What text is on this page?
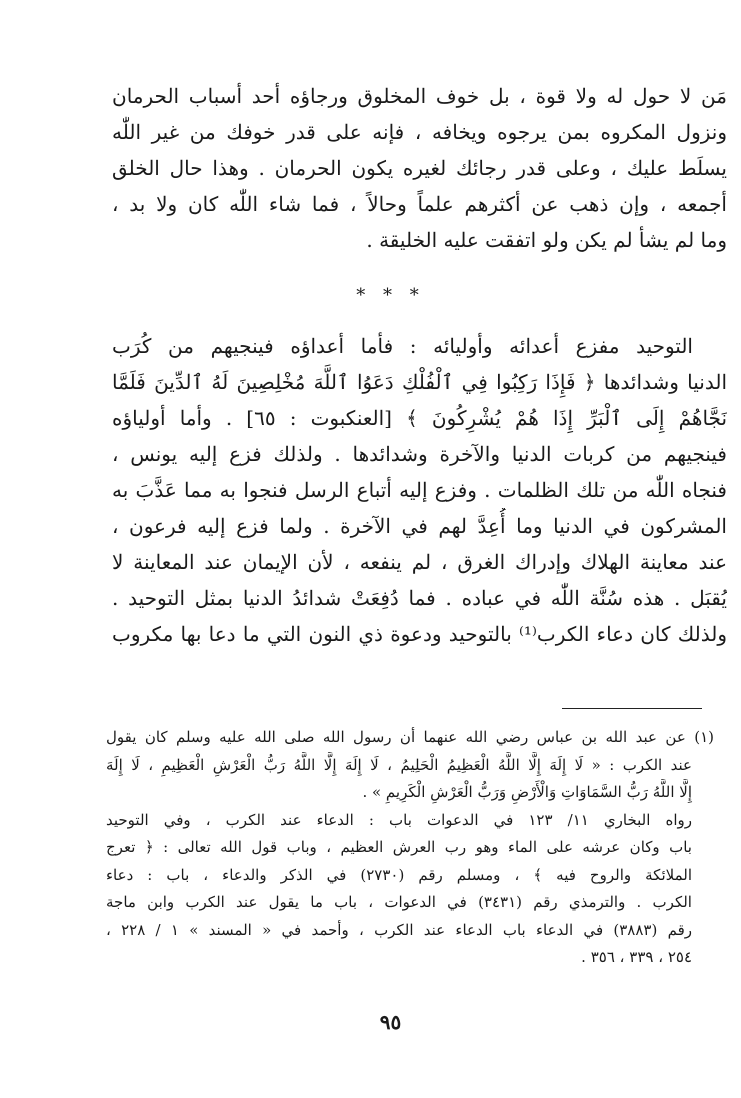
مَن لا حول له ولا قوة ، بل خوف المخلوق ورجاؤه أحد أسباب الحرمان
ونزول المكروه بمن يرجوه ويخافه ، فإنه على قدر خوفك من غير اللّٰه
يسلَط عليك ، وعلى قدر رجائك لغيره يكون الحرمان . وهذا حال الخلق
أجمعه ، وإن ذهب عن أكثرهم علماً وحالاً ، فما شاء اللّٰه كان ولا بد ،
وما لم يشأ لم يكن ولو اتفقت عليه الخليقة .
* * *
التوحيد مفزع أعدائه وأوليائه : فأما أعداؤه فينجيهم من كُرَب
الدنيا وشدائدها ﴿ فَإِذَا رَكِبُوا فِي ٱلْفُلْكِ دَعَوُا ٱللَّهَ مُخْلِصِينَ لَهُ ٱلدِّينَ فَلَمَّا
نَجَّاهُمْ إِلَى ٱلْبَرِّ إِذَا هُمْ يُشْرِكُونَ ﴾ [العنكبوت : ٦٥] . وأما أولياؤه
فينجيهم من كربات الدنيا والآخرة وشدائدها . ولذلك فزع إليه يونس ،
فنجاه اللّٰه من تلك الظلمات . وفزع إليه أتباع الرسل فنجوا به مما عَذَّبَ به
المشركون في الدنيا وما أُعِدَّ لهم في الآخرة . ولما فزع إليه فرعون ،
عند معاينة الهلاك وإدراك الغرق ، لم ينفعه ، لأن الإيمان عند المعاينة لا
يُقبَل . هذه سُنَّة اللّٰه في عباده . فما دُفِعَتْ شدائدُ الدنيا بمثل التوحيد .
ولذلك كان دعاء الكرب⁽¹⁾ بالتوحيد ودعوة ذي النون التي ما دعا بها مكروب
(١) عن عبد الله بن عباس رضي الله عنهما أن رسول الله صلى الله عليه وسلم كان يقول
عند الكرب : « لَا إِلَهَ إِلَّا اللَّهُ الْعَظِيمُ الْحَلِيمُ ، لَا إِلَهَ إِلَّا اللَّهُ رَبُّ الْعَرْشِ الْعَظِيمِ ، لَا إِلَهَ
إِلَّا اللَّهُ رَبُّ السَّمَاوَاتِ وَالْأَرْضِ وَرَبُّ الْعَرْشِ الْكَرِيمِ » .
رواه البخاري ١١/ ١٢٣ في الدعوات باب : الدعاء عند الكرب ، وفي التوحيد
باب وكان عرشه على الماء وهو رب العرش العظيم ، وباب قول الله تعالى : ﴿ تعرج
الملائكة والروح فيه ﴾ ، ومسلم رقم (٢٧٣٠) في الذكر والدعاء ، باب : دعاء
الكرب . والترمذي رقم (٣٤٣١) في الدعوات ، باب ما يقول عند الكرب وابن ماجة
رقم (٣٨٨٣) في الدعاء باب الدعاء عند الكرب ، وأحمد في « المسند » ١ / ٢٢٨ ،
٢٥٤ ، ٣٣٩ ، ٣٥٦ .
٩٥
